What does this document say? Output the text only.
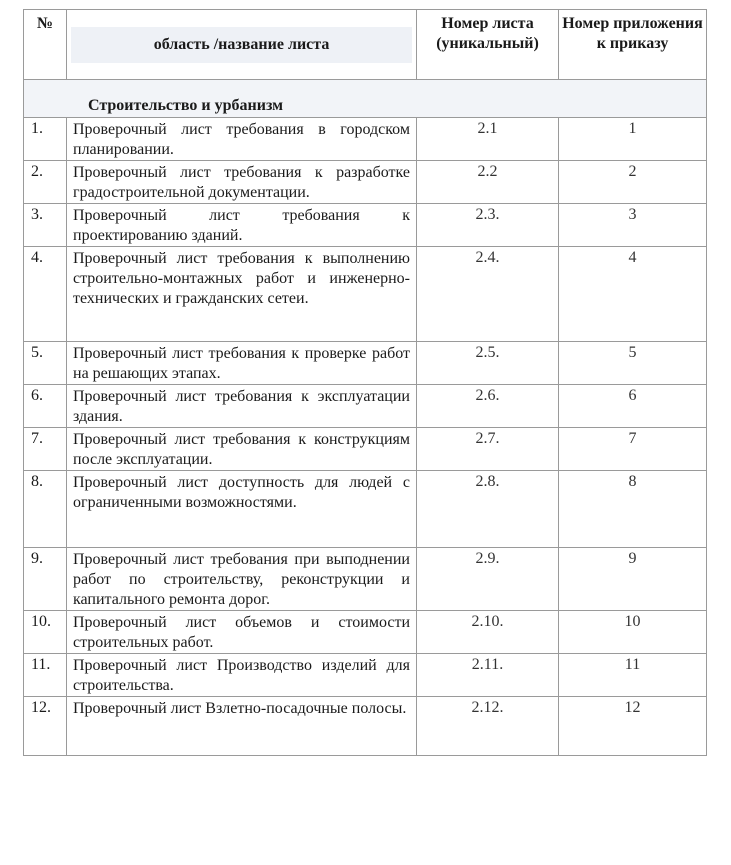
№	область /название листа	Номер листа (уникальный)	Номер приложения к приказу

Строительство и урбанизм			

1.	Проверочный лист требования в городском планировании.	2.1	1
2.	Проверочный лист требования к разработке градостроительной документации.	2.2	2
3.	Проверочный лист требования к проектированию зданий.	2.3.	3
4.	Проверочный лист требования к выполнению строительно-монтажных работ и инженерно-технических и гражданских сетеи.	2.4.	4
5.	Проверочный лист требования к проверке работ на решающих этапах.	2.5.	5
6.	Проверочный лист требования к эксплуатации здания.	2.6.	6
7.	Проверочный лист требования к конструкциям после эксплуатации.	2.7.	7
8.	Проверочный лист доступность для людей с ограниченными возможностями.	2.8.	8
9.	Проверочный лист требования при выподнении работ по строительству, реконструкции и капитального ремонта дорог.	2.9.	9
10.	Проверочный лист объемов и стоимости строительных работ.	2.10.	10
11.	Проверочный лист Производство изделий для строительства.	2.11.	11
12.	Проверочный лист Взлетно-посадочные полосы.	2.12.	12
